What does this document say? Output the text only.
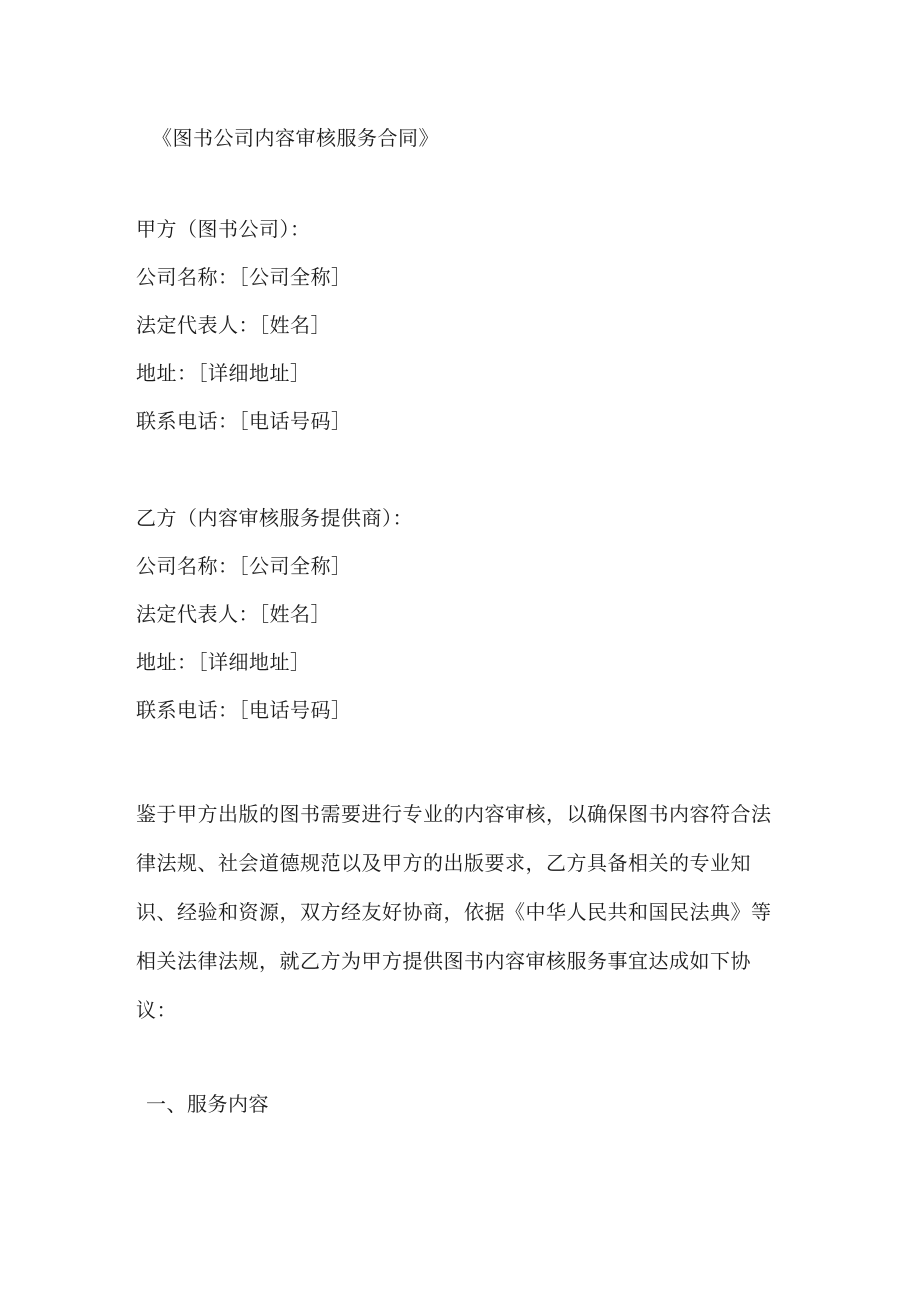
《图书公司内容审核服务合同》
甲方（图书公司）：
公司名称：［公司全称］
法定代表人：［姓名］
地址：［详细地址］
联系电话：［电话号码］
乙方（内容审核服务提供商）：
公司名称：［公司全称］
法定代表人：［姓名］
地址：［详细地址］
联系电话：［电话号码］
鉴于甲方出版的图书需要进行专业的内容审核，以确保图书内容符合法
律法规、社会道德规范以及甲方的出版要求，乙方具备相关的专业知
识、经验和资源，双方经友好协商，依据《中华人民共和国民法典》等
相关法律法规，就乙方为甲方提供图书内容审核服务事宜达成如下协
议：
一、服务内容
